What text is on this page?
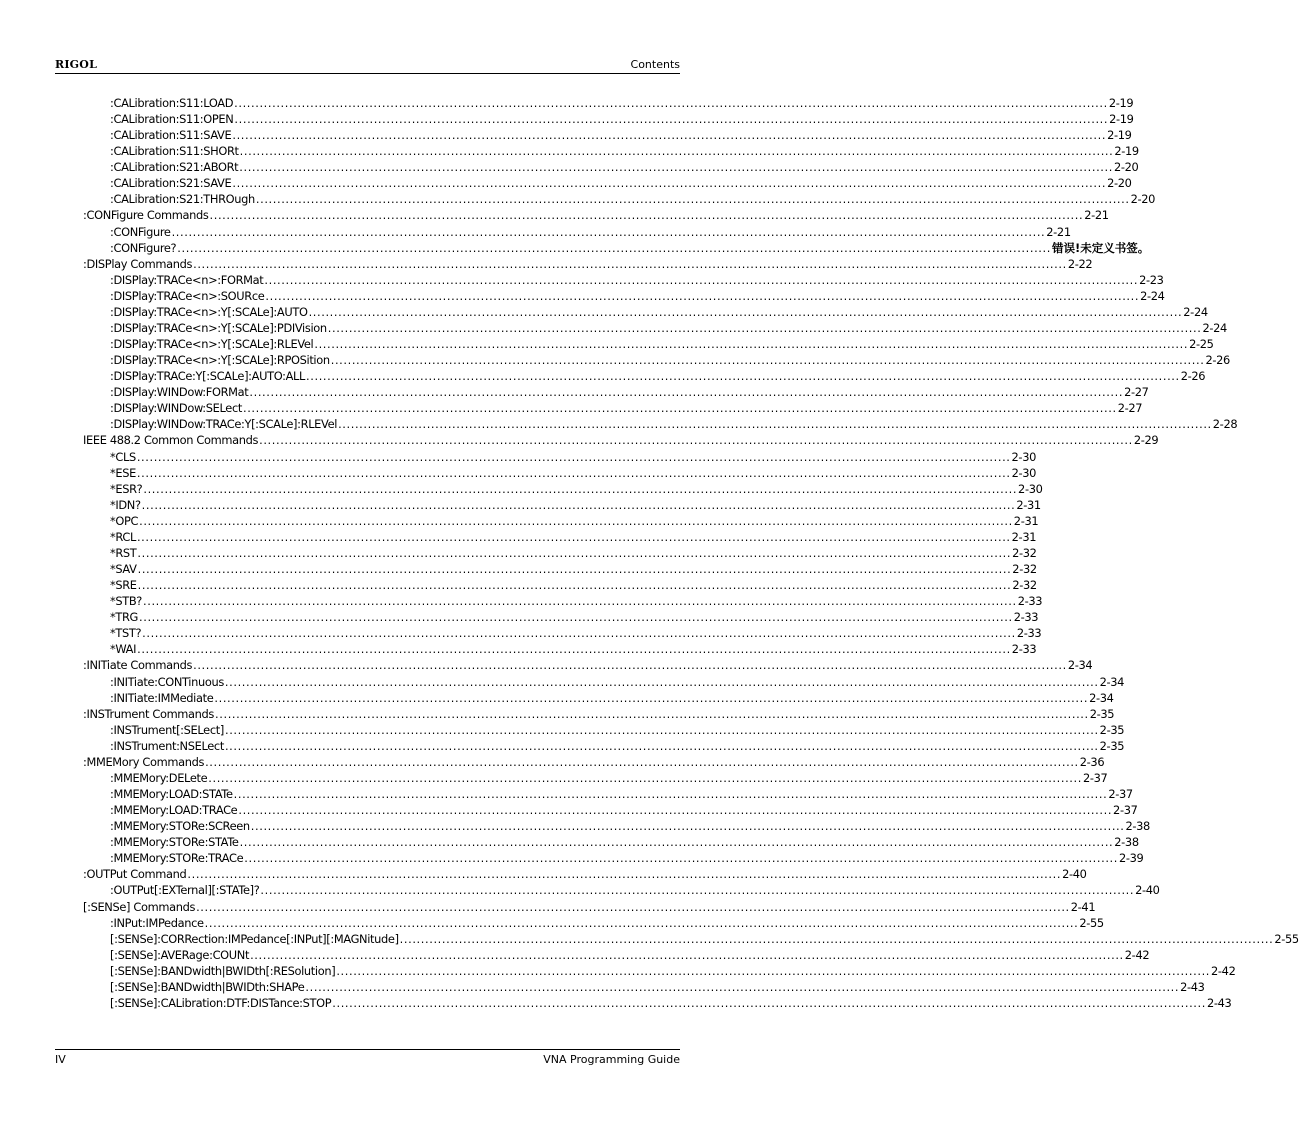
RIGOL	Contents
:CALibration:S11:LOAD ............................................................................................................................................................................................................... 2-19
:CALibration:S11:OPEN ............................................................................................................................................................................................................... 2-19
:CALibration:S11:SAVE ............................................................................................................................................................................................................... 2-19
:CALibration:S11:SHORt ............................................................................................................................................................................................................... 2-19
:CALibration:S21:ABORt ............................................................................................................................................................................................................... 2-20
:CALibration:S21:SAVE ............................................................................................................................................................................................................... 2-20
:CALibration:S21:THROugh ............................................................................................................................................................................................................... 2-20
:CONFigure Commands ............................................................................................................................................................................................................... 2-21
:CONFigure ............................................................................................................................................................................................................... 2-21
:CONFigure? ............................................................................................................................................................................................................... 错误!未定义书签。
:DISPlay Commands ............................................................................................................................................................................................................... 2-22
:DISPlay:TRACe<n>:FORMat ............................................................................................................................................................................................................... 2-23
:DISPlay:TRACe<n>:SOURce ............................................................................................................................................................................................................... 2-24
:DISPlay:TRACe<n>:Y[:SCALe]:AUTO ............................................................................................................................................................................................................... 2-24
:DISPlay:TRACe<n>:Y[:SCALe]:PDIVision ............................................................................................................................................................................................................... 2-24
:DISPlay:TRACe<n>:Y[:SCALe]:RLEVel ............................................................................................................................................................................................................... 2-25
:DISPlay:TRACe<n>:Y[:SCALe]:RPOSition ............................................................................................................................................................................................................... 2-26
:DISPlay:TRACe:Y[:SCALe]:AUTO:ALL ............................................................................................................................................................................................................... 2-26
:DISPlay:WINDow:FORMat ............................................................................................................................................................................................................... 2-27
:DISPlay:WINDow:SELect ............................................................................................................................................................................................................... 2-27
:DISPlay:WINDow:TRACe:Y[:SCALe]:RLEVel ............................................................................................................................................................................................................... 2-28
IEEE 488.2 Common Commands ............................................................................................................................................................................................................... 2-29
*CLS ............................................................................................................................................................................................................... 2-30
*ESE ............................................................................................................................................................................................................... 2-30
*ESR? ............................................................................................................................................................................................................... 2-30
*IDN? ............................................................................................................................................................................................................... 2-31
*OPC ............................................................................................................................................................................................................... 2-31
*RCL ............................................................................................................................................................................................................... 2-31
*RST ............................................................................................................................................................................................................... 2-32
*SAV ............................................................................................................................................................................................................... 2-32
*SRE ............................................................................................................................................................................................................... 2-32
*STB? ............................................................................................................................................................................................................... 2-33
*TRG ............................................................................................................................................................................................................... 2-33
*TST? ............................................................................................................................................................................................................... 2-33
*WAI ............................................................................................................................................................................................................... 2-33
:INITiate Commands ............................................................................................................................................................................................................... 2-34
:INITiate:CONTinuous ............................................................................................................................................................................................................... 2-34
:INITiate:IMMediate ............................................................................................................................................................................................................... 2-34
:INSTrument Commands ............................................................................................................................................................................................................... 2-35
:INSTrument[:SELect] ............................................................................................................................................................................................................... 2-35
:INSTrument:NSELect ............................................................................................................................................................................................................... 2-35
:MMEMory Commands ............................................................................................................................................................................................................... 2-36
:MMEMory:DELete ............................................................................................................................................................................................................... 2-37
:MMEMory:LOAD:STATe ............................................................................................................................................................................................................... 2-37
:MMEMory:LOAD:TRACe ............................................................................................................................................................................................................... 2-37
:MMEMory:STORe:SCReen ............................................................................................................................................................................................................... 2-38
:MMEMory:STORe:STATe ............................................................................................................................................................................................................... 2-38
:MMEMory:STORe:TRACe ............................................................................................................................................................................................................... 2-39
:OUTPut Command ............................................................................................................................................................................................................... 2-40
:OUTPut[:EXTernal][:STATe]? ............................................................................................................................................................................................................... 2-40
[:SENSe] Commands ............................................................................................................................................................................................................... 2-41
:INPut:IMPedance ............................................................................................................................................................................................................... 2-55
[:SENSe]:CORRection:IMPedance[:INPut][:MAGNitude] ............................................................................................................................................................................................................... 2-55
[:SENSe]:AVERage:COUNt ............................................................................................................................................................................................................... 2-42
[:SENSe]:BANDwidth|BWIDth[:RESolution] ............................................................................................................................................................................................................... 2-42
[:SENSe]:BANDwidth|BWIDth:SHAPe ............................................................................................................................................................................................................... 2-43
[:SENSe]:CALibration:DTF:DISTance:STOP ............................................................................................................................................................................................................... 2-43
IV	VNA Programming Guide
